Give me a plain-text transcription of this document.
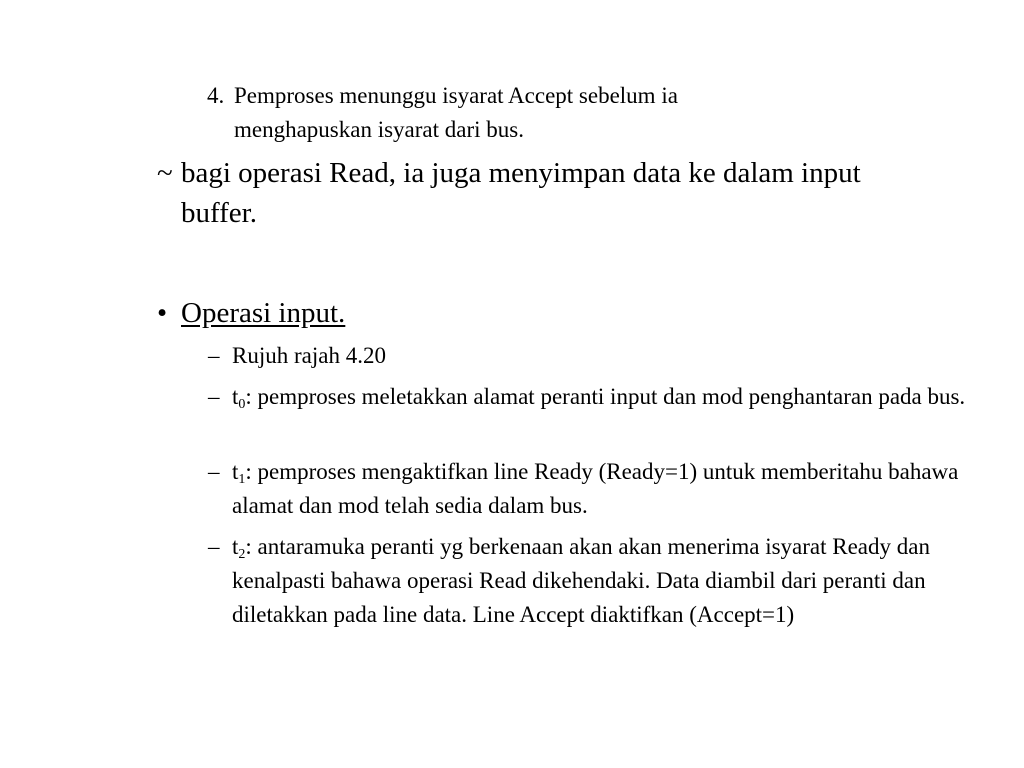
4. Pemproses menunggu isyarat Accept sebelum ia menghapuskan isyarat dari bus.

~ bagi operasi Read, ia juga menyimpan data ke dalam input buffer.

• Operasi input.

– Rujuh rajah 4.20

– $t_0$: pemproses meletakkan alamat peranti input dan mod penghantaran pada bus.

– $t_1$: pemproses mengaktifkan line Ready (Ready=1) untuk memberitahu bahawa alamat dan mod telah sedia dalam bus.

– $t_2$: antaramuka peranti yg berkenaan akan akan menerima isyarat Ready dan kenalpasti bahawa operasi Read dikehendaki. Data diambil dari peranti dan diletakkan pada line data. Line Accept diaktifkan (Accept=1)
